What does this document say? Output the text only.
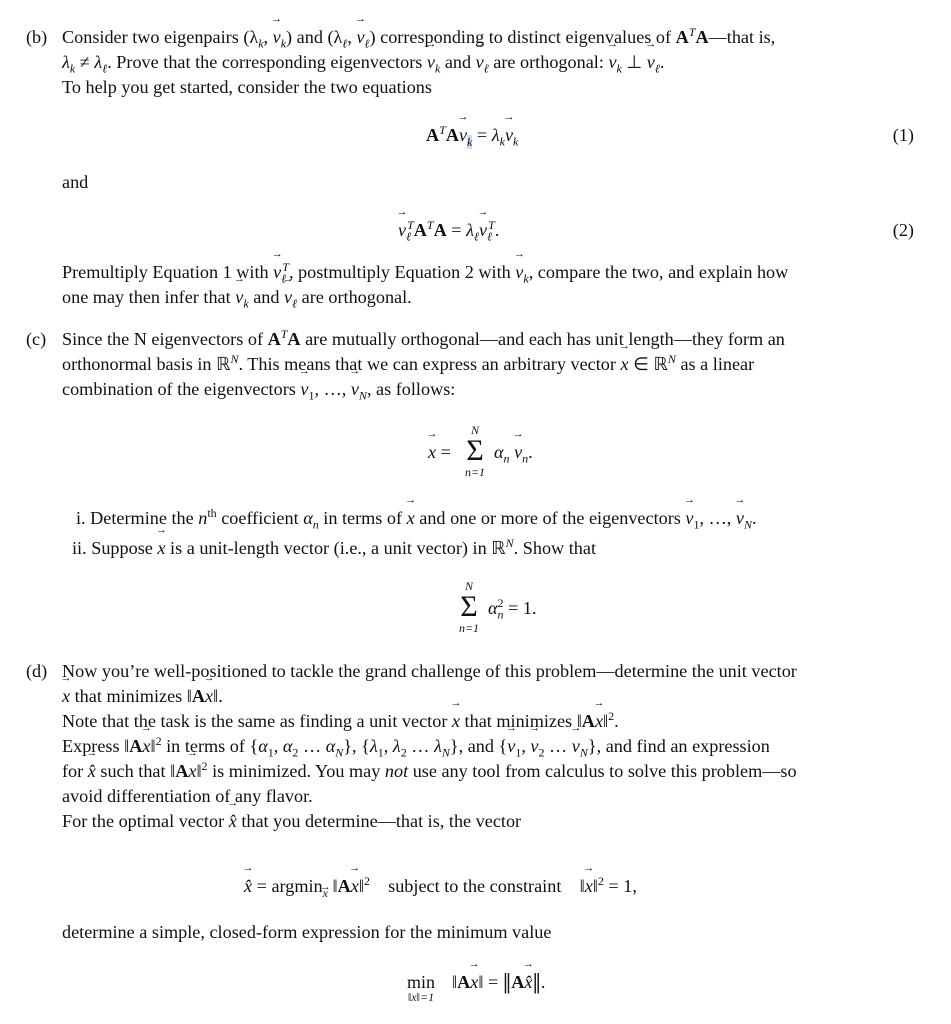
(b) Consider two eigenpairs ($\lambda_k$, → $v_k$) and ($\lambda_\ell$, → $v_\ell$) corresponding to distinct eigenvalues of $A^TA—that$ is,
$\lambda_k \ne \lambda_\ell$. Prove that the corresponding eigenvectors → $v_k$ and → $v_\ell$ are orthogonal: → $v_k$ ⊥ → $v_\ell$.
To help you get started, consider the two equations
$A^TA\to v_k = \lambda_k\to v_k$	(1)
and
→ $v_\ell^TA^TA = \lambda_\ell\to v_\ell^T$.	(2)
Premultiply Equation 1 with → $v_\ell^T$, postmultiply Equation 2 with → $v_k$, compare the two, and explain how
one may then infer that → $v_k$ and → $v_\ell$ are orthogonal.
(c) Since the N eigenvectors of $A^TA$ are mutually orthogonal—and each has unit length—they form an
orthonormal basis in ℝ$^N$. This means that we can express an arbitrary vector → x ∈ ℝ$^N$ as a linear
combination of the eigenvectors → $v_1$, …, → $v_N$, as follows:
→ x =
N
Σ
n=1
$\alpha_n \to v_n$.
i. Determine the $n^{th}$ coefficient $\alpha_n$ in terms of → x and one or more of the eigenvectors → $v_1$, …, → $v_N$.
ii. Suppose → x is a unit-length vector (i.e., a unit vector) in ℝ$^N$. Show that
N
Σ
n=1
$\alpha_n^2 = 1$.
(d) Now you’re well-positioned to tackle the grand challenge of this problem—determine the unit vector
→ x that minimizes ‖A→ x‖.
Note that the task is the same as finding a unit vector → x that minimizes ‖A→ x‖$^2$.
Express ‖A→ x‖$^2$ in terms of {$\alpha_1$, $\alpha_2$ … $\alpha_N$}, {$\lambda_1$, $\lambda_2$ … $\lambda_N$}, and {→ $v_1$, → $v_2$ … → $v_N$}, and find an expression
for → x̂ such that ‖A→ x‖$^2$ is minimized. You may not use any tool from calculus to solve this problem—so
avoid differentiation of any flavor.
For the optimal vector → x̂ that you determine—that is, the vector
→ x̂ = argminx ‖A→ x‖$^2$ subject to the constraint    ‖→ x‖$^2$ = 1,
determine a simple, closed-form expression for the minimum value
min
‖x‖=1
‖A→ x‖ = ‖A→ x̂‖.
